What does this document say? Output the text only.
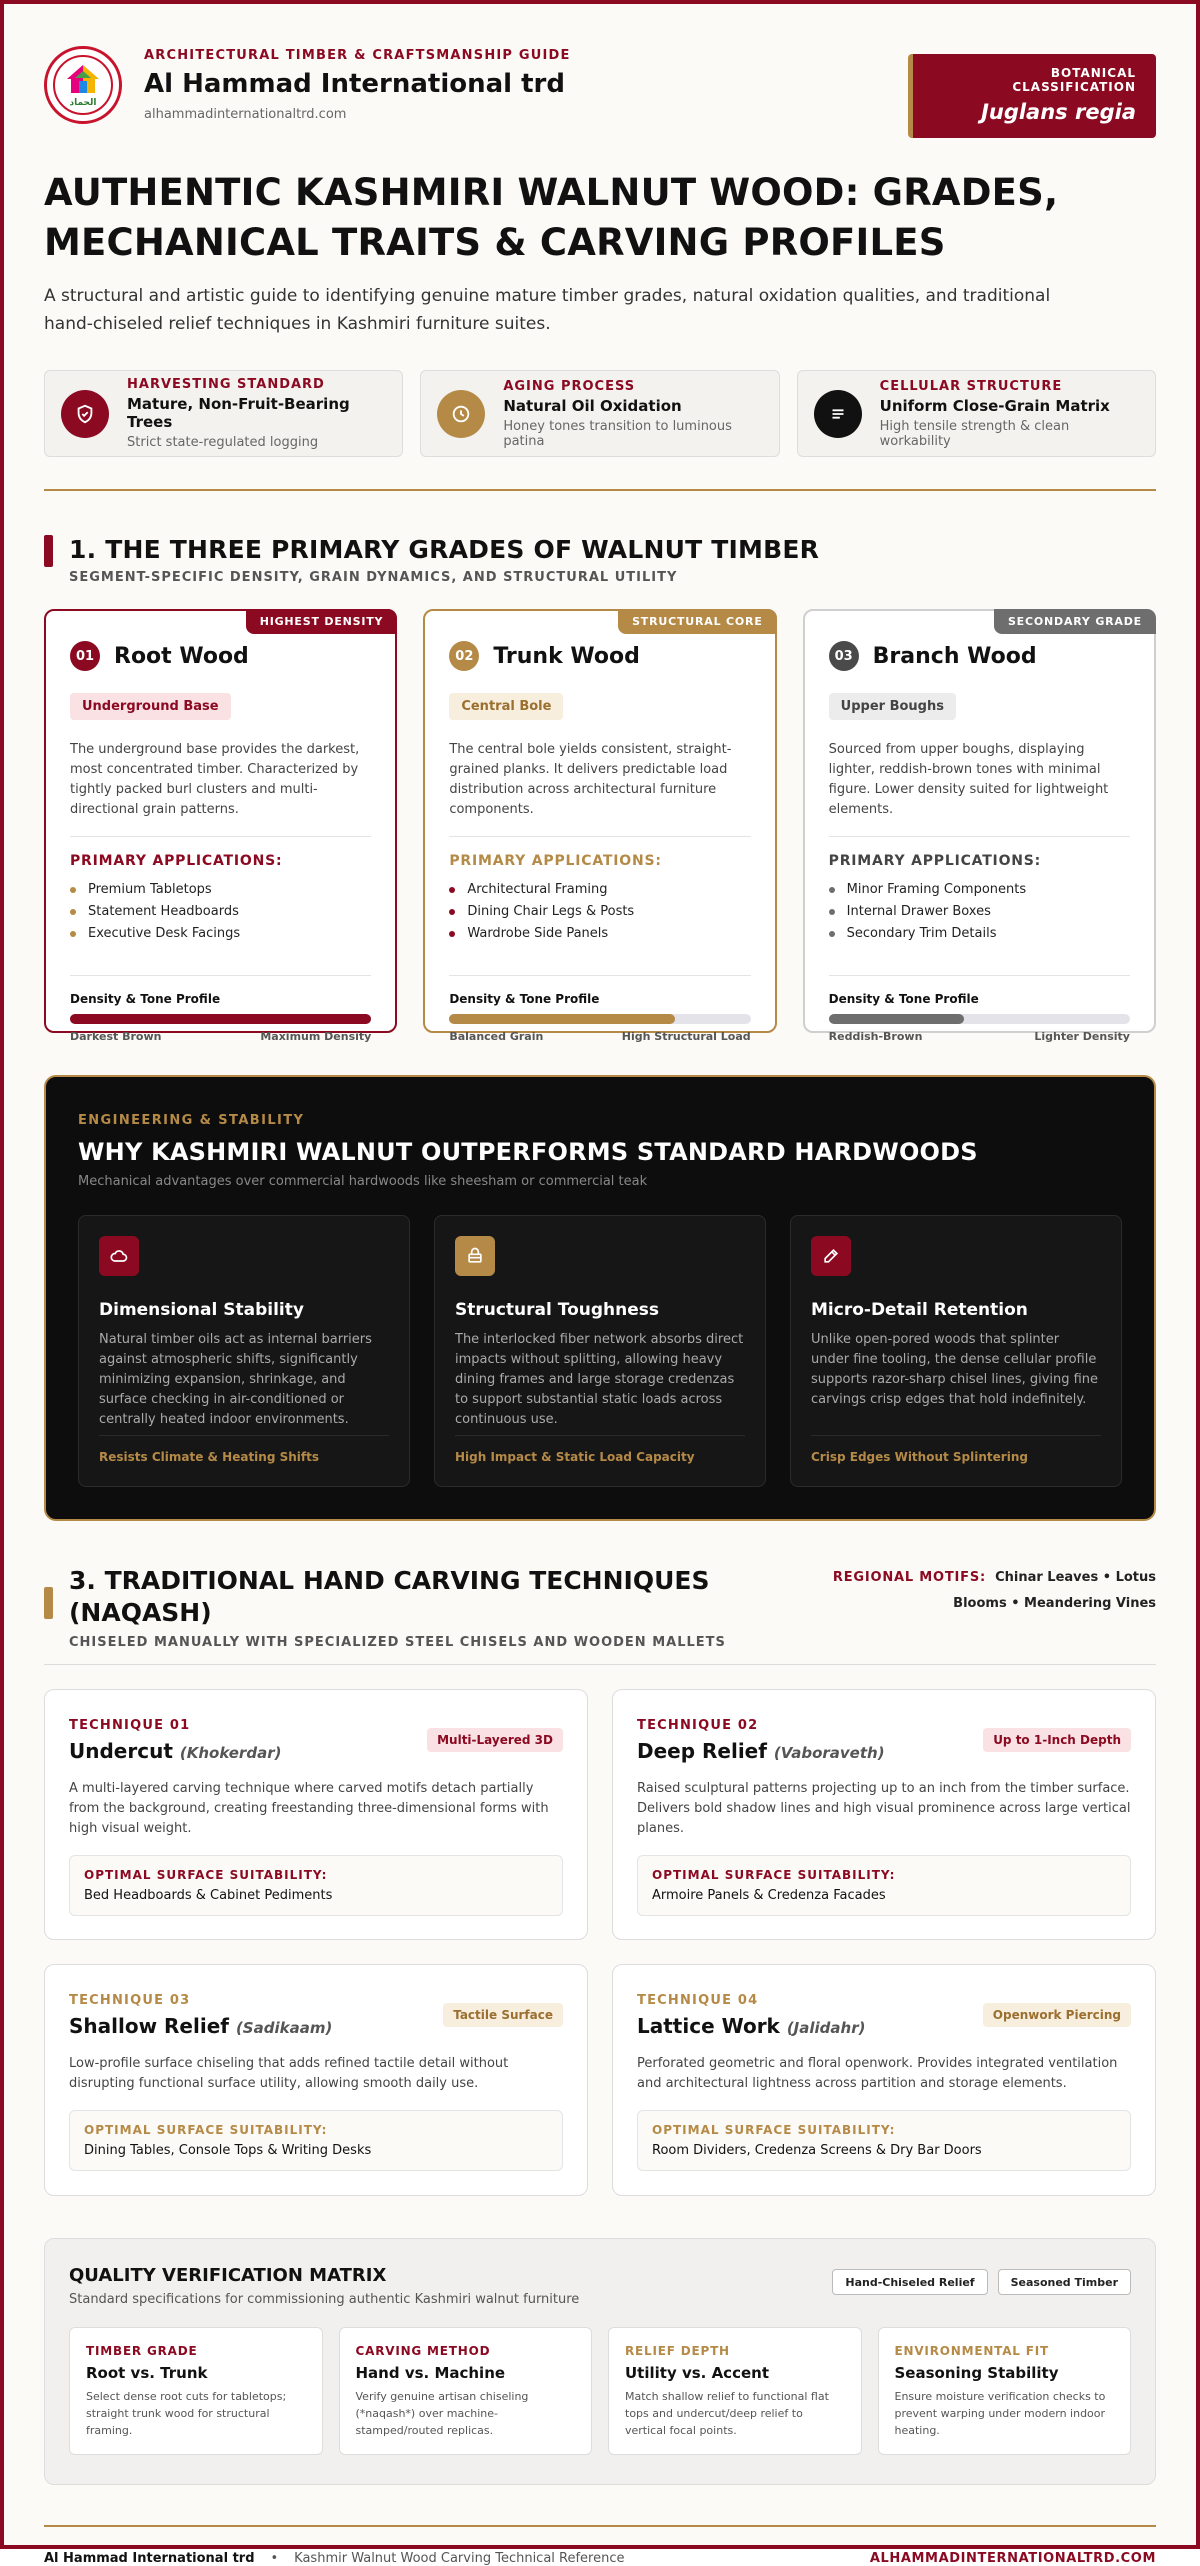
الحماد
ARCHITECTURAL TIMBER & CRAFTSMANSHIP GUIDE
Al Hammad International trd
alhammadinternationaltrd.com
BOTANICAL CLASSIFICATION
Juglans regia
AUTHENTIC KASHMIRI WALNUT WOOD: GRADES,
MECHANICAL TRAITS & CARVING PROFILES

A structural and artistic guide to identifying genuine mature timber grades, natural oxidation qualities, and traditional hand-chiseled relief techniques in Kashmiri furniture suites.

HARVESTING STANDARD
Mature, Non-Fruit-Bearing Trees
Strict state-regulated logging
AGING PROCESS
Natural Oil Oxidation
Honey tones transition to luminous patina
CELLULAR STRUCTURE
Uniform Close-Grain Matrix
High tensile strength & clean workability
1. THE THREE PRIMARY GRADES OF WALNUT TIMBER
SEGMENT-SPECIFIC DENSITY, GRAIN DYNAMICS, AND STRUCTURAL UTILITY
HIGHEST DENSITY
01 Root Wood
Underground Base
The underground base provides the darkest, most concentrated timber. Characterized by tightly packed burl clusters and multi-directional grain patterns.
PRIMARY APPLICATIONS:
Premium Tabletops
Statement Headboards
Executive Desk Facings
Density & Tone Profile
Darkest Brown	Maximum Density
STRUCTURAL CORE
02 Trunk Wood
Central Bole
The central bole yields consistent, straight-grained planks. It delivers predictable load distribution across architectural furniture components.
PRIMARY APPLICATIONS:
Architectural Framing
Dining Chair Legs & Posts
Wardrobe Side Panels
Density & Tone Profile
Balanced Grain	High Structural Load
SECONDARY GRADE
03 Branch Wood
Upper Boughs
Sourced from upper boughs, displaying lighter, reddish-brown tones with minimal figure. Lower density suited for lightweight elements.
PRIMARY APPLICATIONS:
Minor Framing Components
Internal Drawer Boxes
Secondary Trim Details
Density & Tone Profile
Reddish-Brown	Lighter Density
ENGINEERING & STABILITY
WHY KASHMIRI WALNUT OUTPERFORMS STANDARD HARDWOODS
Mechanical advantages over commercial hardwoods like sheesham or commercial teak
Dimensional Stability
Natural timber oils act as internal barriers against atmospheric shifts, significantly minimizing expansion, shrinkage, and surface checking in air-conditioned or centrally heated indoor environments.
Resists Climate & Heating Shifts
Structural Toughness
The interlocked fiber network absorbs direct impacts without splitting, allowing heavy dining frames and large storage credenzas to support substantial static loads across continuous use.
High Impact & Static Load Capacity
Micro-Detail Retention
Unlike open-pored woods that splinter under fine tooling, the dense cellular profile supports razor-sharp chisel lines, giving fine carvings crisp edges that hold indefinitely.
Crisp Edges Without Splintering
3. TRADITIONAL HAND CARVING TECHNIQUES (NAQASH)
CHISELED MANUALLY WITH SPECIALIZED STEEL CHISELS AND WOODEN MALLETS
REGIONAL MOTIFS: Chinar Leaves • Lotus Blooms • Meandering Vines
TECHNIQUE 01
Undercut (Khokerdar)
Multi-Layered 3D
A multi-layered carving technique where carved motifs detach partially from the background, creating freestanding three-dimensional forms with high visual weight.
OPTIMAL SURFACE SUITABILITY:
Bed Headboards & Cabinet Pediments
TECHNIQUE 02
Deep Relief (Vaboraveth)
Up to 1-Inch Depth
Raised sculptural patterns projecting up to an inch from the timber surface. Delivers bold shadow lines and high visual prominence across large vertical planes.
OPTIMAL SURFACE SUITABILITY:
Armoire Panels & Credenza Facades
TECHNIQUE 03
Shallow Relief (Sadikaam)
Tactile Surface
Low-profile surface chiseling that adds refined tactile detail without disrupting functional surface utility, allowing smooth daily use.
OPTIMAL SURFACE SUITABILITY:
Dining Tables, Console Tops & Writing Desks
TECHNIQUE 04
Lattice Work (Jalidahr)
Openwork Piercing
Perforated geometric and floral openwork. Provides integrated ventilation and architectural lightness across partition and storage elements.
OPTIMAL SURFACE SUITABILITY:
Room Dividers, Credenza Screens & Dry Bar Doors
QUALITY VERIFICATION MATRIX
Standard specifications for commissioning authentic Kashmiri walnut furniture
Hand-Chiseled Relief	Seasoned Timber
TIMBER GRADE
Root vs. Trunk
Select dense root cuts for tabletops; straight trunk wood for structural framing.
CARVING METHOD
Hand vs. Machine
Verify genuine artisan chiseling (*naqash*) over machine-stamped/routed replicas.
RELIEF DEPTH
Utility vs. Accent
Match shallow relief to functional flat tops and undercut/deep relief to vertical focal points.
ENVIRONMENTAL FIT
Seasoning Stability
Ensure moisture verification checks to prevent warping under modern indoor heating.
Al Hammad International trd • Kashmir Walnut Wood Carving Technical Reference	ALHAMMADINTERNATIONALTRD.COM
